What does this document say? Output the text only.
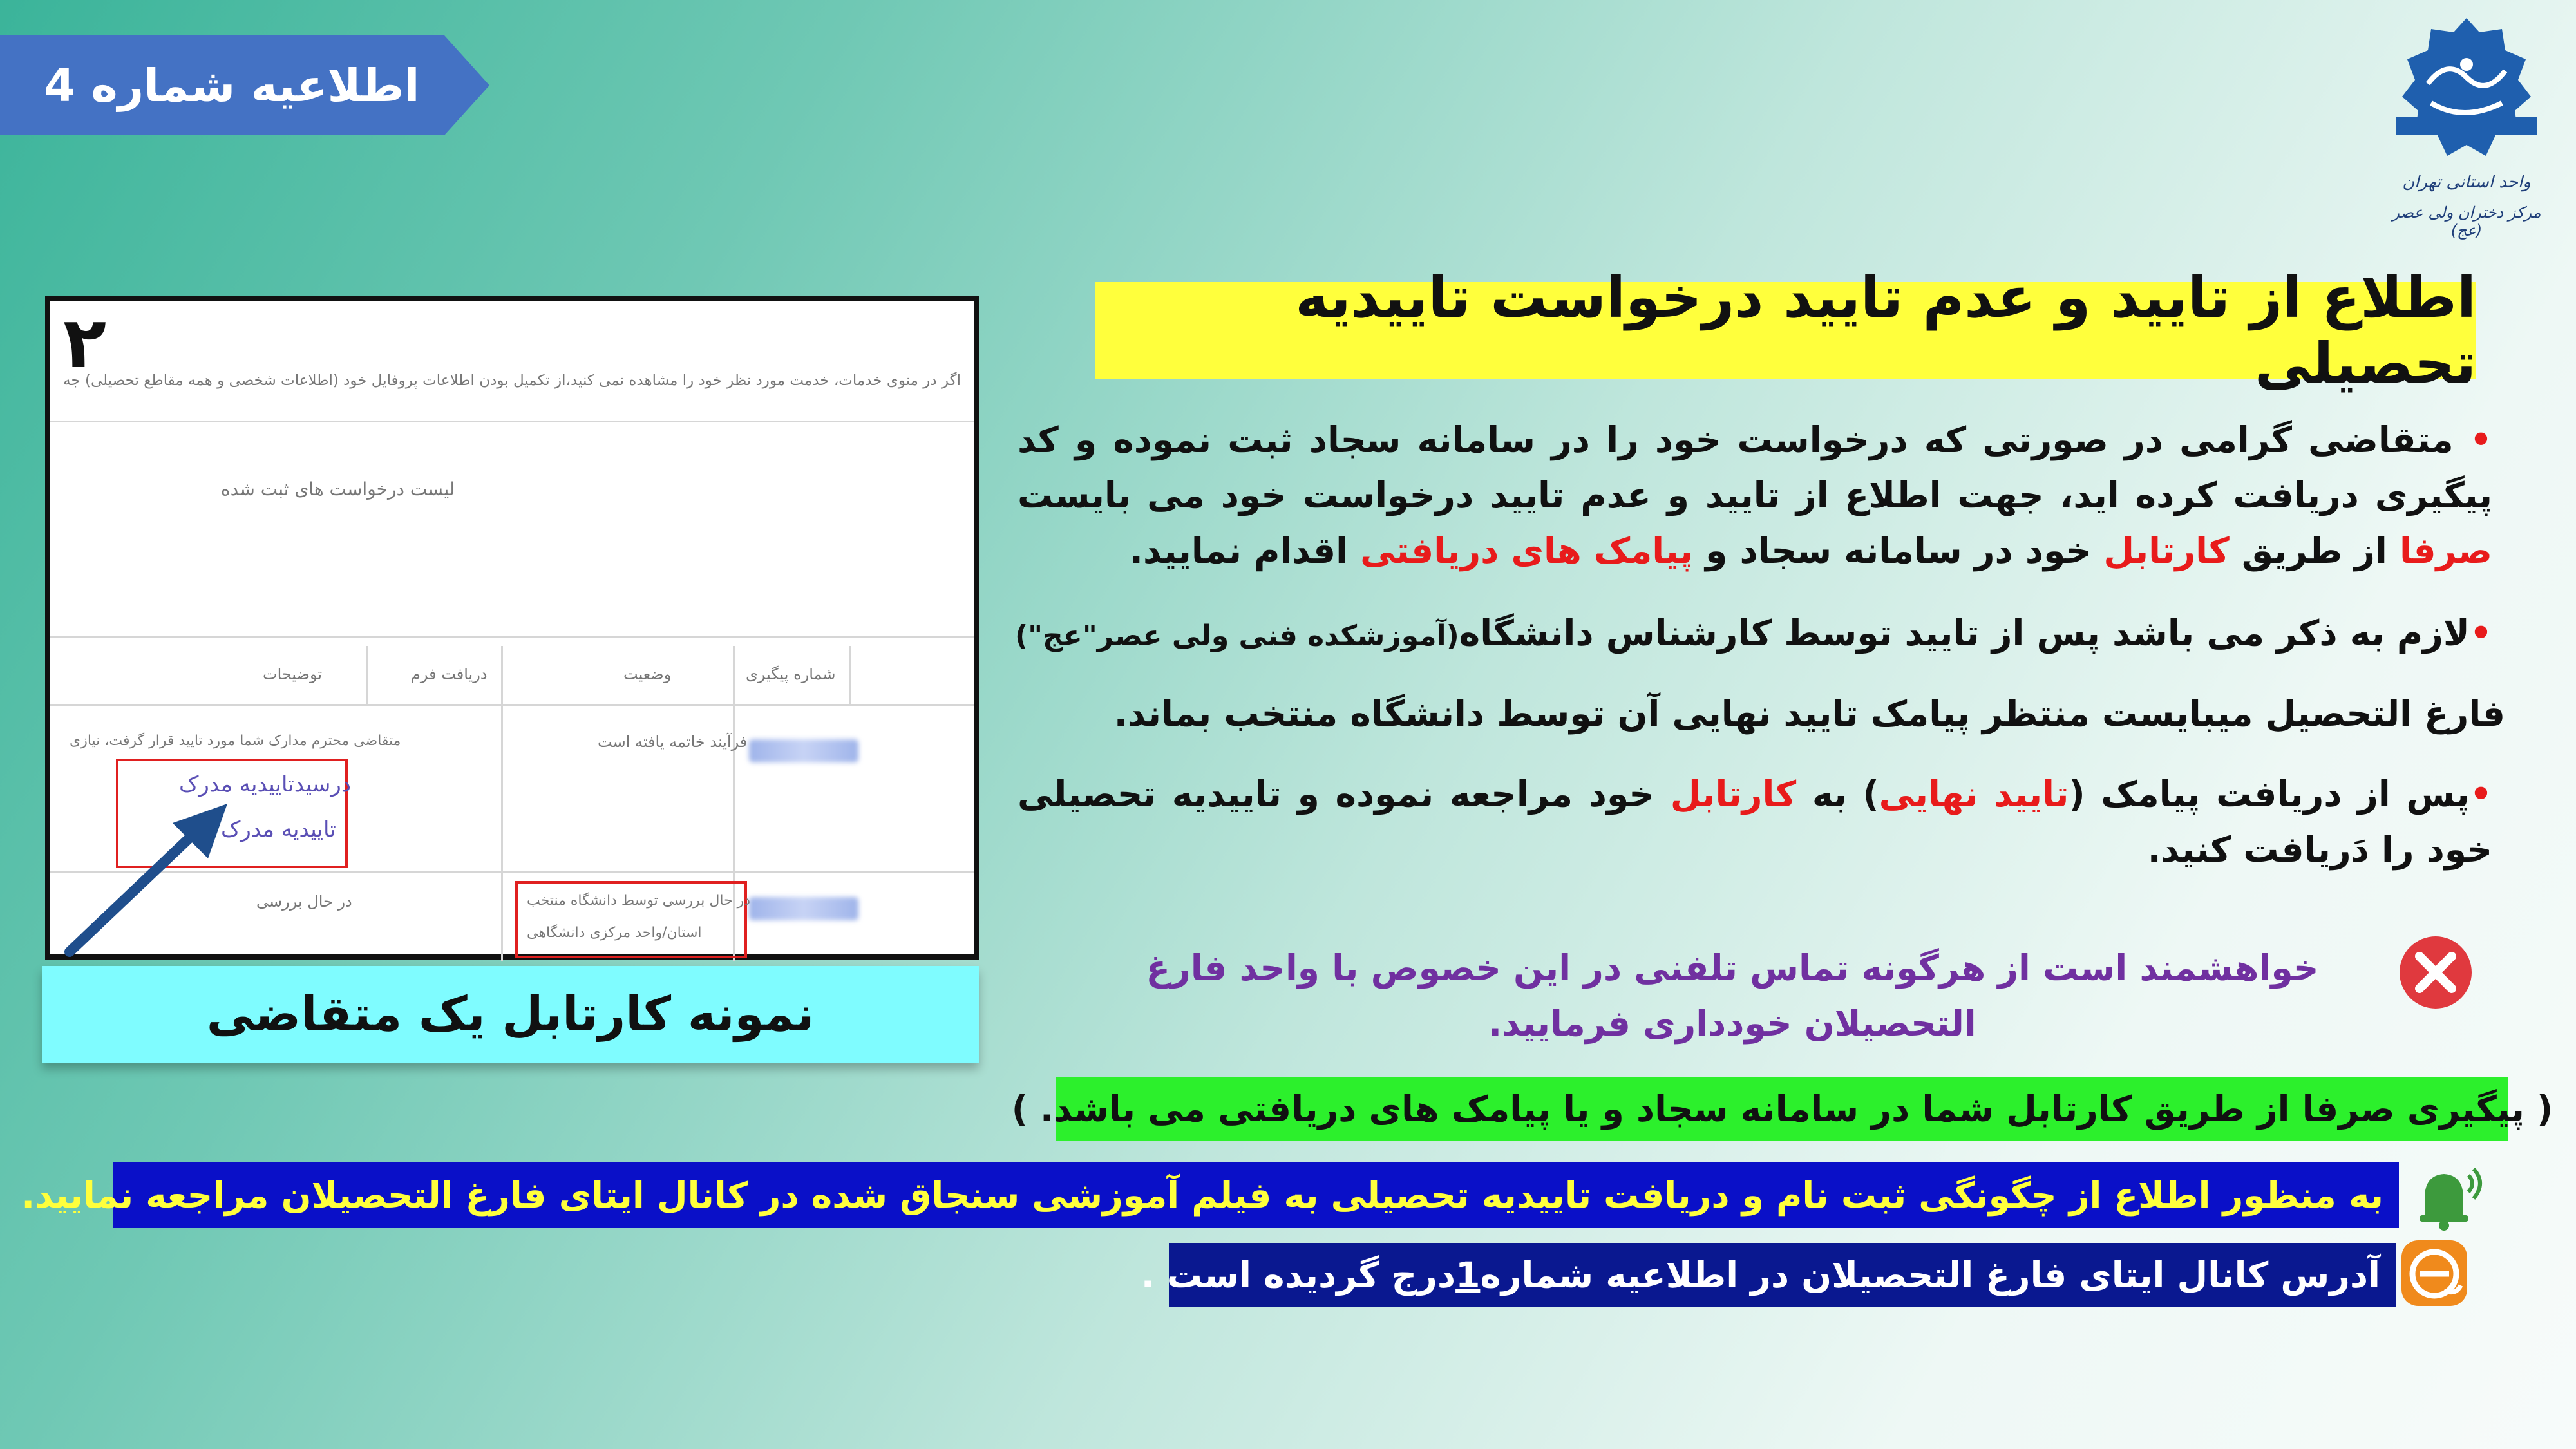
اطلاعیه شماره 4
واحد استانی تهران
مرکز دختران ولی عصر (عج)
۲
اگر در منوی خدمات، خدمت مورد نظر خود را مشاهده نمی کنید،از تکمیل بودن اطلاعات پروفایل خود (اطلاعات شخصی و همه مقاطع تحصیلی) جه
لیست درخواست های ثبت شده
شماره پیگیری
وضعیت
دریافت فرم
توضیحات
فرآیند خاتمه یافته است
متقاضی محترم مدارک شما مورد تایید قرار گرفت، نیازی
درسیدتاییدیه مدرک
تاییدیه مدرک
در حال بررسی توسط دانشگاه منتخب
استان/واحد مرکزی دانشگاهی
در حال بررسی
نمونه کارتابل یک متقاضی
اطلاع از تایید و عدم تایید درخواست تاییدیه تحصیلی
• متقاضی گرامی در صورتی که درخواست خود را در سامانه سجاد ثبت نموده و کد پیگیری دریافت کرده اید، جهت اطلاع از تایید و عدم تایید درخواست خود می بایست صرفا از طریق کارتابل خود در سامانه سجاد و پیامک های دریافتی اقدام نمایید.
•لازم به ذکر می باشد پس از تایید توسط کارشناس دانشگاه(آموزشکده فنی ولی عصر"عج")
فارغ التحصیل میبایست منتظر پیامک تایید نهایی آن توسط دانشگاه منتخب بماند.
•پس از دریافت پیامک (تایید نهایی) به کارتابل خود مراجعه نموده و تاییدیه تحصیلی خود را دَریافت کنید.
خواهشمند است از هرگونه تماس تلفنی در این خصوص با واحد فارغ التحصیلان خودداری فرمایید.
( پیگیری صرفا از طریق کارتابل شما در سامانه سجاد و یا پیامک های دریافتی می باشد. )
به منظور اطلاع از چگونگی ثبت نام و دریافت تاییدیه تحصیلی به فیلم آموزشی سنجاق شده در کانال ایتای فارغ التحصیلان مراجعه نمایید.
آدرس کانال ایتای فارغ التحصیلان در اطلاعیه شماره
1
درج گردیده است .
